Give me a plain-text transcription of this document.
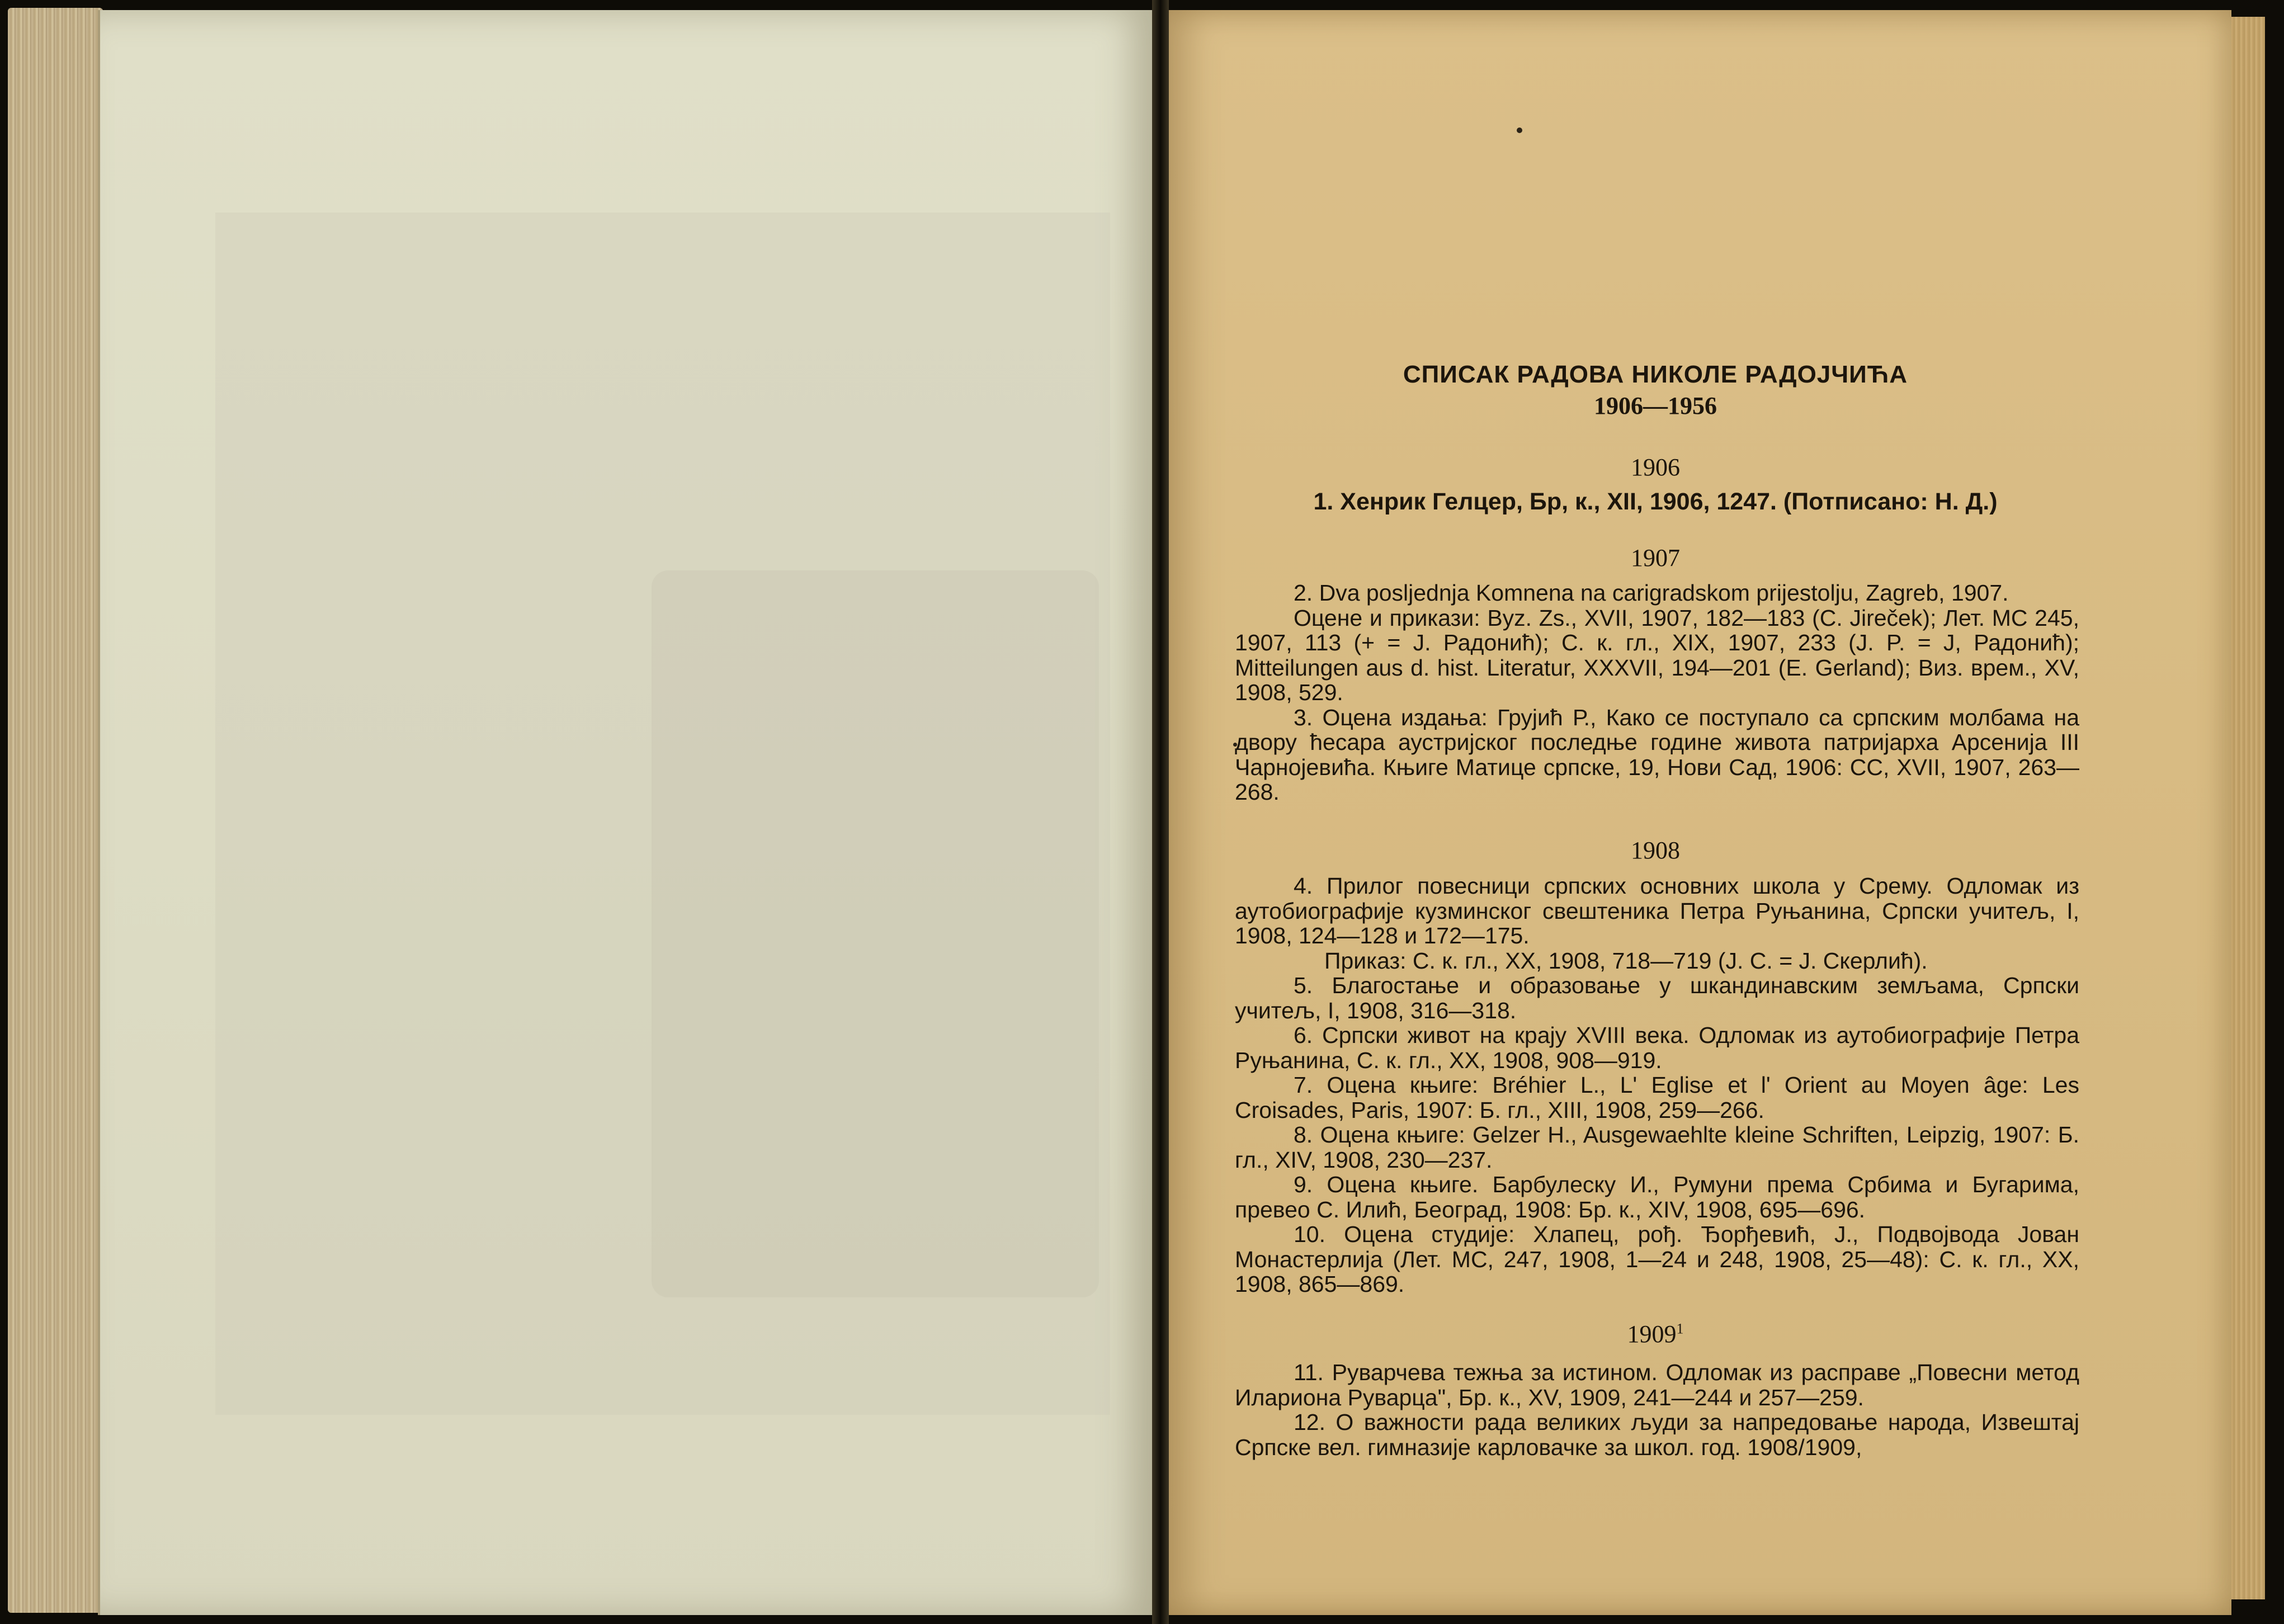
СПИСАК РАДОВА НИКОЛЕ РАДОЈЧИЋА
1906—1956
1906
1. Хенрик Гелцер, Бр, к., XII, 1906, 1247. (Потписано: Н. Д.)
1907

2. Dva posljednja Komnena na carigradskom prijestolju, Zagreb, 1907.

Оцене и прикази: Byz. Zs., XVII, 1907, 182—183 (C. Jireček); Лет. МС 245, 1907, 113 (+ = J. Радонић); С. к. гл., XIX, 1907, 233 (J. P. = J, Радонић); Mitteilungen aus d. hist. Literatur, XXXVII, 194—201 (E. Gerland); Виз. врем., XV, 1908, 529.

3. Оцена издања: Грујић Р., Како се поступало са српским молбама на двору ћесара аустријског последње године живота патријарха Арсенија III Чарнојевића. Књиге Матице српске, 19, Нови Сад, 1906: СС, XVII, 1907, 263—268.

1908

4. Прилог повесници српских основних школа у Срему. Одломак из аутобиографије кузминског свештеника Петра Руњанина, Српски учитељ, I, 1908, 124—128 и 172—175.

Приказ: С. к. гл., XX, 1908, 718—719 (J. C. = J. Скерлић).

5. Благостање и образовање у шкандинавским земљама, Српски учитељ, I, 1908, 316—318.

6. Српски живот на крају XVIII века. Одломак из аутобиографије Петра Руњанина, С. к. гл., XX, 1908, 908—919.

7. Оцена књиге: Bréhier L., L' Eglise et l' Orient au Moyen âge: Les Croisades, Paris, 1907: Б. гл., XIII, 1908, 259—266.

8. Оцена књиге: Gelzer H., Ausgewaehlte kleine Schriften, Leipzig, 1907: Б. гл., XIV, 1908, 230—237.

9. Оцена књиге. Барбулеску И., Румуни према Србима и Бугарима, превео С. Илић, Београд, 1908: Бр. к., XIV, 1908, 695—696.

10. Оцена студије: Хлапец, рођ. Ђорђевић, J., Подвојвода Јован Монастерлија (Лет. МС, 247, 1908, 1—24 и 248, 1908, 25—48): С. к. гл., XX, 1908, 865—869.

1909$^1$

11. Руварчева тежња за истином. Одломак из расправе „Повесни метод Илариона Руварца", Бр. к., XV, 1909, 241—244 и 257—259.

12. О важности рада великих људи за напредовање народа, Извештај Српске вел. гимназије карловачке за школ. год. 1908/1909,
